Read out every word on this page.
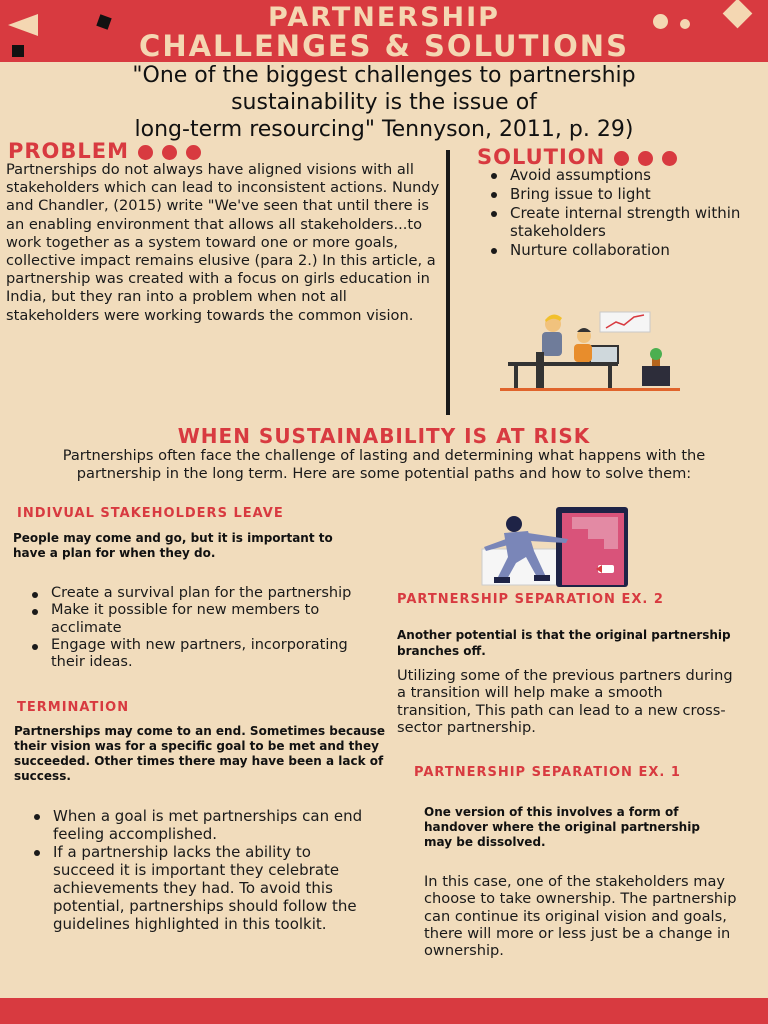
PARTNERSHIP
CHALLENGES & SOLUTIONS

"One of the biggest challenges to partnership
sustainability is the issue of
long-term resourcing" Tennyson, 2011, p. 29)

PROBLEM

Partnerships do not always have aligned visions with all stakeholders which can lead to inconsistent actions. Nundy and Chandler, (2015) write "We've seen that until there is an enabling environment that allows all stakeholders...to work together as a system toward one or more goals, collective impact remains elusive (para 2.) In this article, a partnership was created with a focus on girls education in India, but they ran into a problem when not all stakeholders were working towards the common vision.

SOLUTION
Avoid assumptions
Bring issue to light
Create internal strength within stakeholders
Nurture collaboration
WHEN SUSTAINABILITY IS AT RISK

Partnerships often face the challenge of lasting and determining what happens with the partnership in the long term. Here are some potential paths and how to solve them:

INDIVUAL STAKEHOLDERS LEAVE

People may come and go, but it is important to have a plan for when they do.

Create a survival plan for the partnership
Make it possible for new members to acclimate
Engage with new partners, incorporating their ideas.
TERMINATION

Partnerships may come to an end. Sometimes because their vision was for a specific goal to be met and they succeeded. Other times there may have been a lack of success.

When a goal is met partnerships can end feeling accomplished.
If a partnership lacks the ability to succeed it is important they celebrate achievements they had. To avoid this potential, partnerships should follow the guidelines highlighted in this toolkit.
PARTNERSHIP SEPARATION EX. 2

Another potential is that the original partnership branches off.

Utilizing some of the previous partners during a transition will help make a smooth transition, This path can lead to a new cross-sector partnership.

PARTNERSHIP SEPARATION EX. 1

One version of this involves a form of handover where the original partnership may be dissolved.

In this case, one of the stakeholders may choose to take ownership. The partnership can continue its original vision and goals, there will more or less just be a change in ownership.
